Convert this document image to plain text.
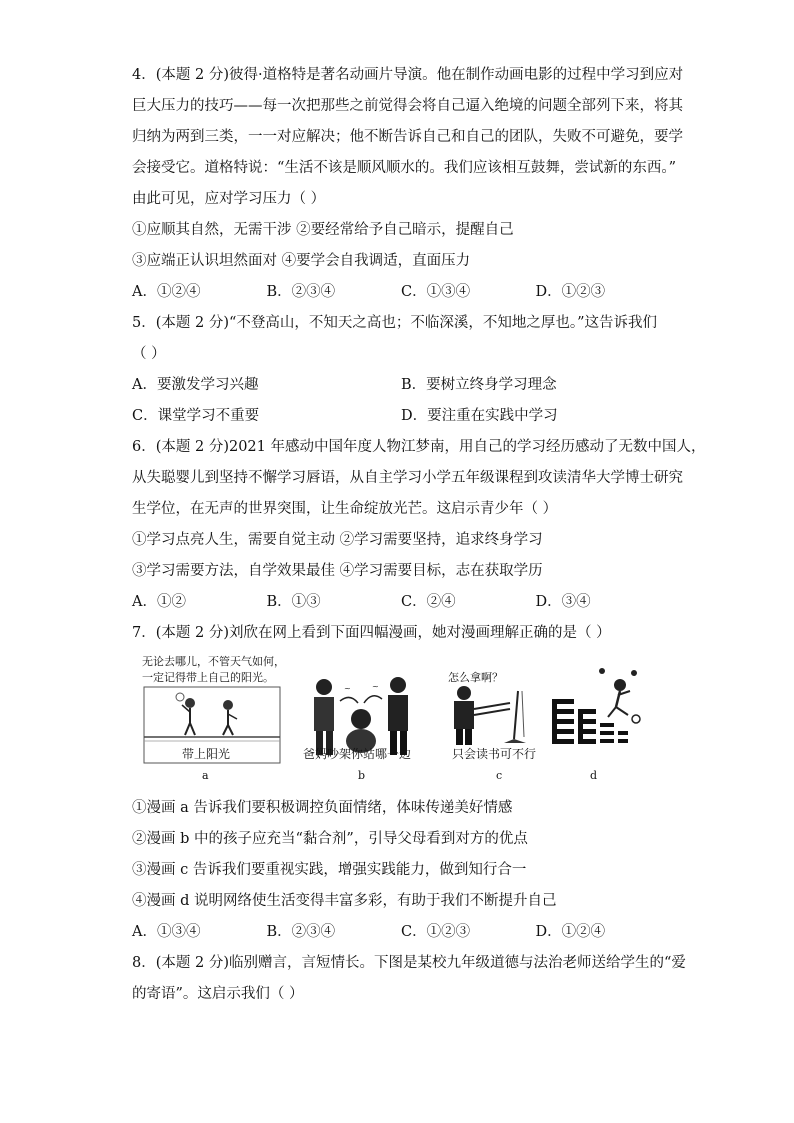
4．(本题 2 分)彼得·道格特是著名动画片导演。他在制作动画电影的过程中学习到应对
巨大压力的技巧——每一次把那些之前觉得会将自己逼入绝境的问题全部列下来，将其
归纳为两到三类，一一对应解决；他不断告诉自己和自己的团队，失败不可避免，要学
会接受它。道格特说：“生活不该是顺风顺水的。我们应该相互鼓舞，尝试新的东西。”
由此可见，应对学习压力（ ）
①应顺其自然，无需干涉 ②要经常给予自己暗示，提醒自己
③应端正认识坦然面对 ④要学会自我调适，直面压力
A．①②④	B．②③④	C．①③④	D．①②③
5．(本题 2 分)“不登高山，不知天之高也；不临深溪，不知地之厚也。”这告诉我们
（ ）
A．要激发学习兴趣	B．要树立终身学习理念
C．课堂学习不重要	D．要注重在实践中学习
6．(本题 2 分)2021 年感动中国年度人物江梦南，用自己的学习经历感动了无数中国人，
从失聪婴儿到坚持不懈学习唇语，从自主学习小学五年级课程到攻读清华大学博士研究
生学位，在无声的世界突围，让生命绽放光芒。这启示青少年（ ）
①学习点亮人生，需要自觉主动 ②学习需要坚持，追求终身学习
③学习需要方法，自学效果最佳 ④学习需要目标，志在获取学历
A．①②	B．①③	C．②④	D．③④
7．(本题 2 分)刘欣在网上看到下面四幅漫画，她对漫画理解正确的是（ ）
无论去哪儿，不管天气如何，
一定记得带上自己的阳光。
带上阳光
a
~	~
爸妈吵架你站哪一边
b
怎么拿啊？
只会读书可不行
c	d
①漫画 a 告诉我们要积极调控负面情绪，体味传递美好情感
②漫画 b 中的孩子应充当“黏合剂”，引导父母看到对方的优点
③漫画 c 告诉我们要重视实践，增强实践能力，做到知行合一
④漫画 d 说明网络使生活变得丰富多彩，有助于我们不断提升自己
A．①③④	B．②③④	C．①②③	D．①②④
8．(本题 2 分)临别赠言，言短情长。下图是某校九年级道德与法治老师送给学生的“爱
的寄语”。这启示我们（ ）
